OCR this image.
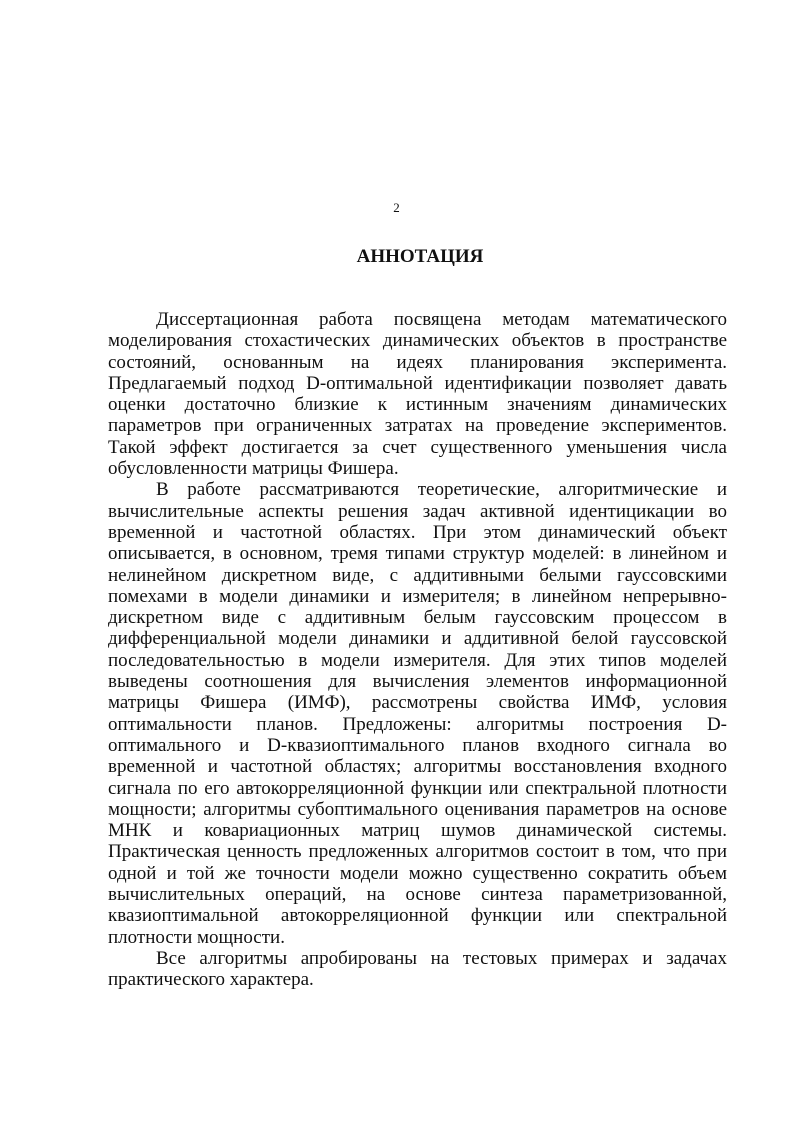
2
АННОТАЦИЯ

Диссертационная работа посвящена методам математического моделирования стохастических динамических объектов в пространстве состояний, основанным на идеях планирования эксперимента. Предлагаемый подход D-оптимальной идентификации позволяет давать оценки достаточно близкие к истинным значениям динамических параметров при ограниченных затратах на проведение экспериментов. Такой эффект достигается за счет существенного уменьшения числа обусловленности матрицы Фишера.

В работе рассматриваются теоретические, алгоритмические и вычислительные аспекты решения задач активной идентицикации во временной и частотной областях. При этом динамический объект описывается, в основном, тремя типами структур моделей: в линейном и нелинейном дискретном виде, с аддитивными белыми гауссовскими помехами в модели динамики и измерителя; в линейном непрерывно-дискретном виде с аддитивным белым гауссовским процессом в дифференциальной модели динамики и аддитивной белой гауссовской последовательностью в модели измерителя. Для этих типов моделей выведены соотношения для вычисления элементов информационной матрицы Фишера (ИМФ), рассмотрены свойства ИМФ, условия оптимальности планов. Предложены: алгоритмы построения D-оптимального и D-квазиоптимального планов входного сигнала во временной и частотной областях; алгоритмы восстановления входного сигнала по его автокорреляционной функции или спектральной плотности мощности; алгоритмы субоптимального оценивания параметров на основе МНК и ковариационных матриц шумов динамической системы. Практическая ценность предложенных алгоритмов состоит в том, что при одной и той же точности модели можно существенно сократить объем вычислительных операций, на основе синтеза параметризованной, квазиоптимальной автокорреляционной функции или спектральной плотности мощности.

Все алгоритмы апробированы на тестовых примерах и задачах практического характера.
